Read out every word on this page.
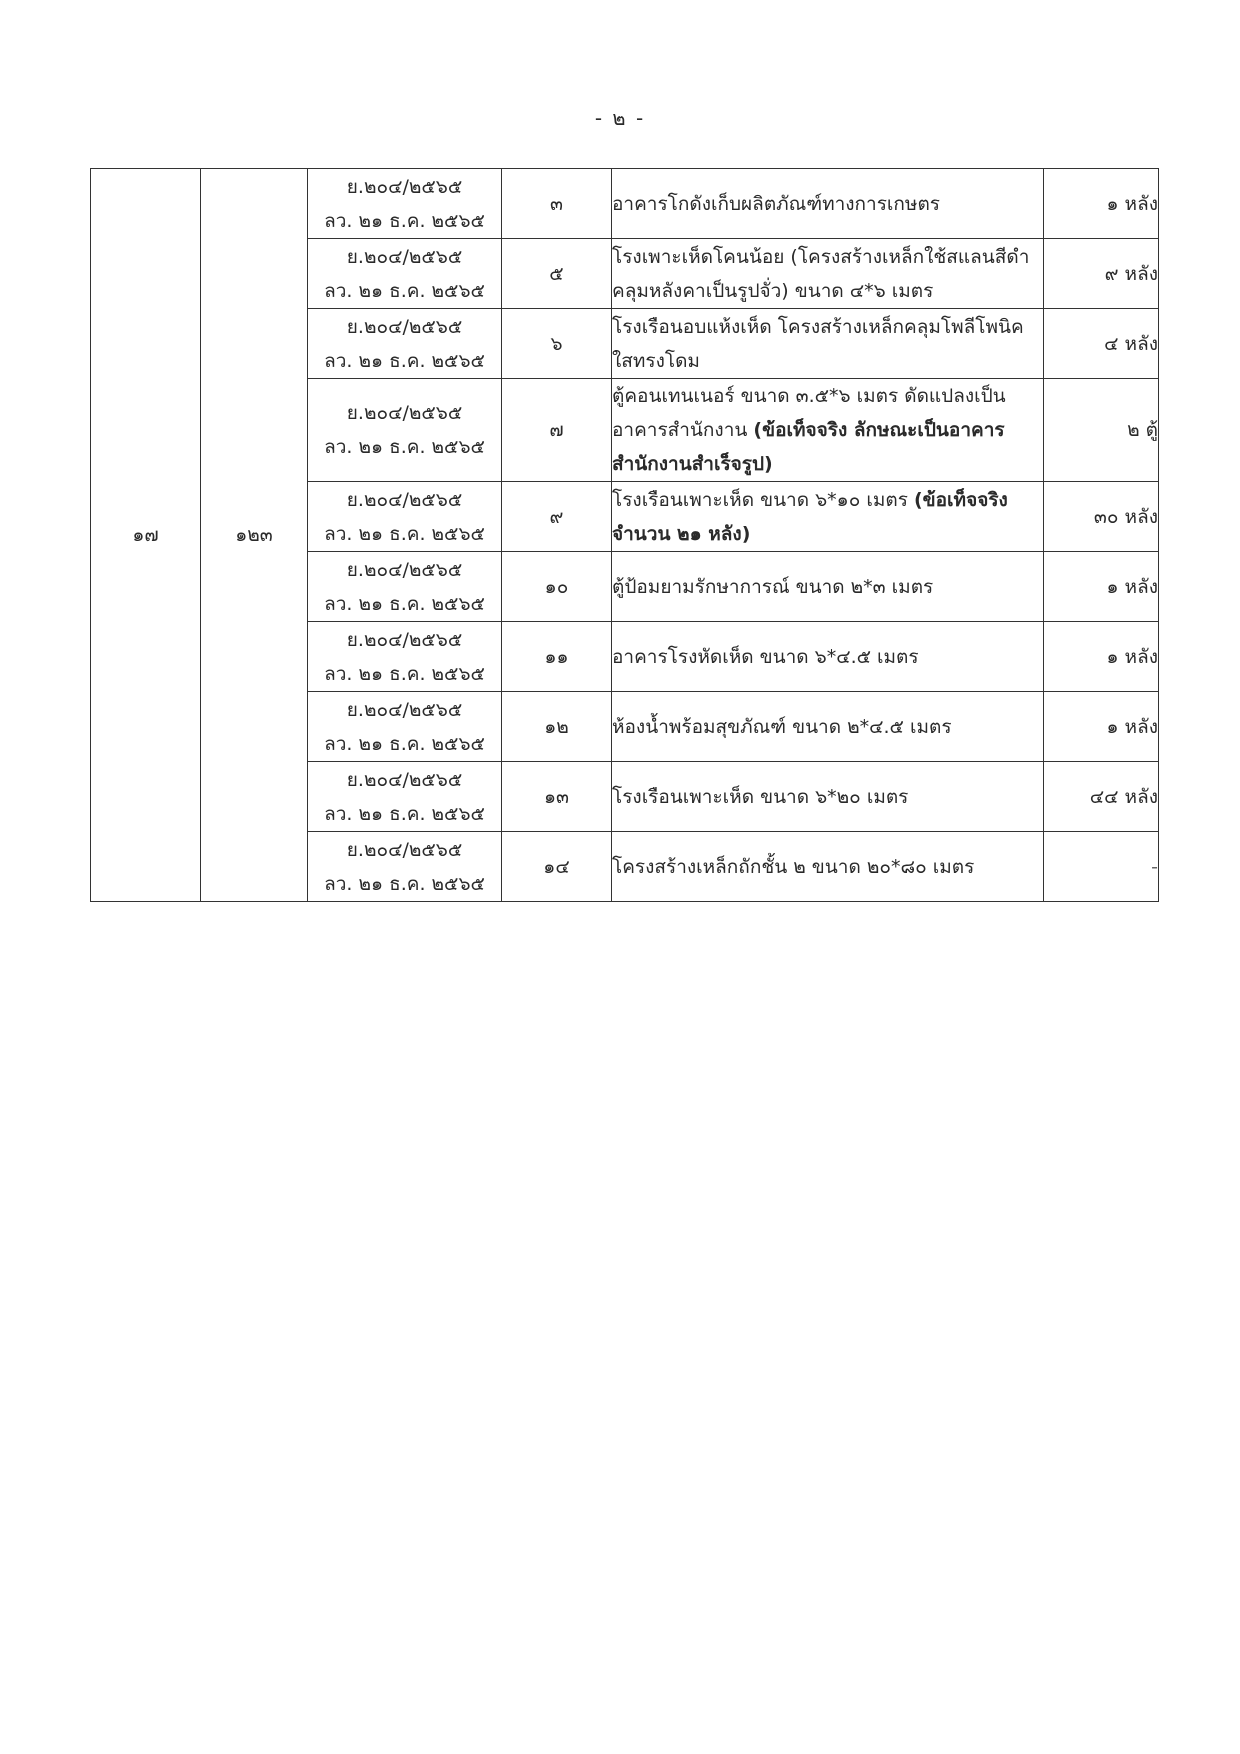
- ๒ -
๑๗	๑๒๓	ย.๒๐๔/๒๕๖๕
ลว. ๒๑ ธ.ค. ๒๕๖๕	๓	อาคารโกดังเก็บผลิตภัณฑ์ทางการเกษตร	๑ หลัง

		ย.๒๐๔/๒๕๖๕
ลว. ๒๑ ธ.ค. ๒๕๖๕	๕	โรงเพาะเห็ดโคนน้อย (โครงสร้างเหล็กใช้สแลนสีดำคลุมหลังคาเป็นรูปจั่ว) ขนาด ๔*๖ เมตร	๙ หลัง

		ย.๒๐๔/๒๕๖๕
ลว. ๒๑ ธ.ค. ๒๕๖๕	๖	โรงเรือนอบแห้งเห็ด โครงสร้างเหล็กคลุมโพลีโพนิคใสทรงโดม	๔ หลัง

		ย.๒๐๔/๒๕๖๕
ลว. ๒๑ ธ.ค. ๒๕๖๕	๗	ตู้คอนเทนเนอร์ ขนาด ๓.๕*๖ เมตร ดัดแปลงเป็นอาคารสำนักงาน (ข้อเท็จจริง ลักษณะเป็นอาคารสำนักงานสำเร็จรูป)	๒ ตู้

		ย.๒๐๔/๒๕๖๕
ลว. ๒๑ ธ.ค. ๒๕๖๕	๙	โรงเรือนเพาะเห็ด ขนาด ๖*๑๐ เมตร (ข้อเท็จจริง จำนวน ๒๑ หลัง)	๓๐ หลัง

		ย.๒๐๔/๒๕๖๕
ลว. ๒๑ ธ.ค. ๒๕๖๕	๑๐	ตู้ป้อมยามรักษาการณ์ ขนาด ๒*๓ เมตร	๑ หลัง

		ย.๒๐๔/๒๕๖๕
ลว. ๒๑ ธ.ค. ๒๕๖๕	๑๑	อาคารโรงหัดเห็ด ขนาด ๖*๔.๕ เมตร	๑ หลัง

		ย.๒๐๔/๒๕๖๕
ลว. ๒๑ ธ.ค. ๒๕๖๕	๑๒	ห้องน้ำพร้อมสุขภัณฑ์ ขนาด ๒*๔.๕ เมตร	๑ หลัง

		ย.๒๐๔/๒๕๖๕
ลว. ๒๑ ธ.ค. ๒๕๖๕	๑๓	โรงเรือนเพาะเห็ด ขนาด ๖*๒๐ เมตร	๔๔ หลัง

		ย.๒๐๔/๒๕๖๕
ลว. ๒๑ ธ.ค. ๒๕๖๕	๑๔	โครงสร้างเหล็กถักชั้น ๒ ขนาด ๒๐*๘๐ เมตร	-
